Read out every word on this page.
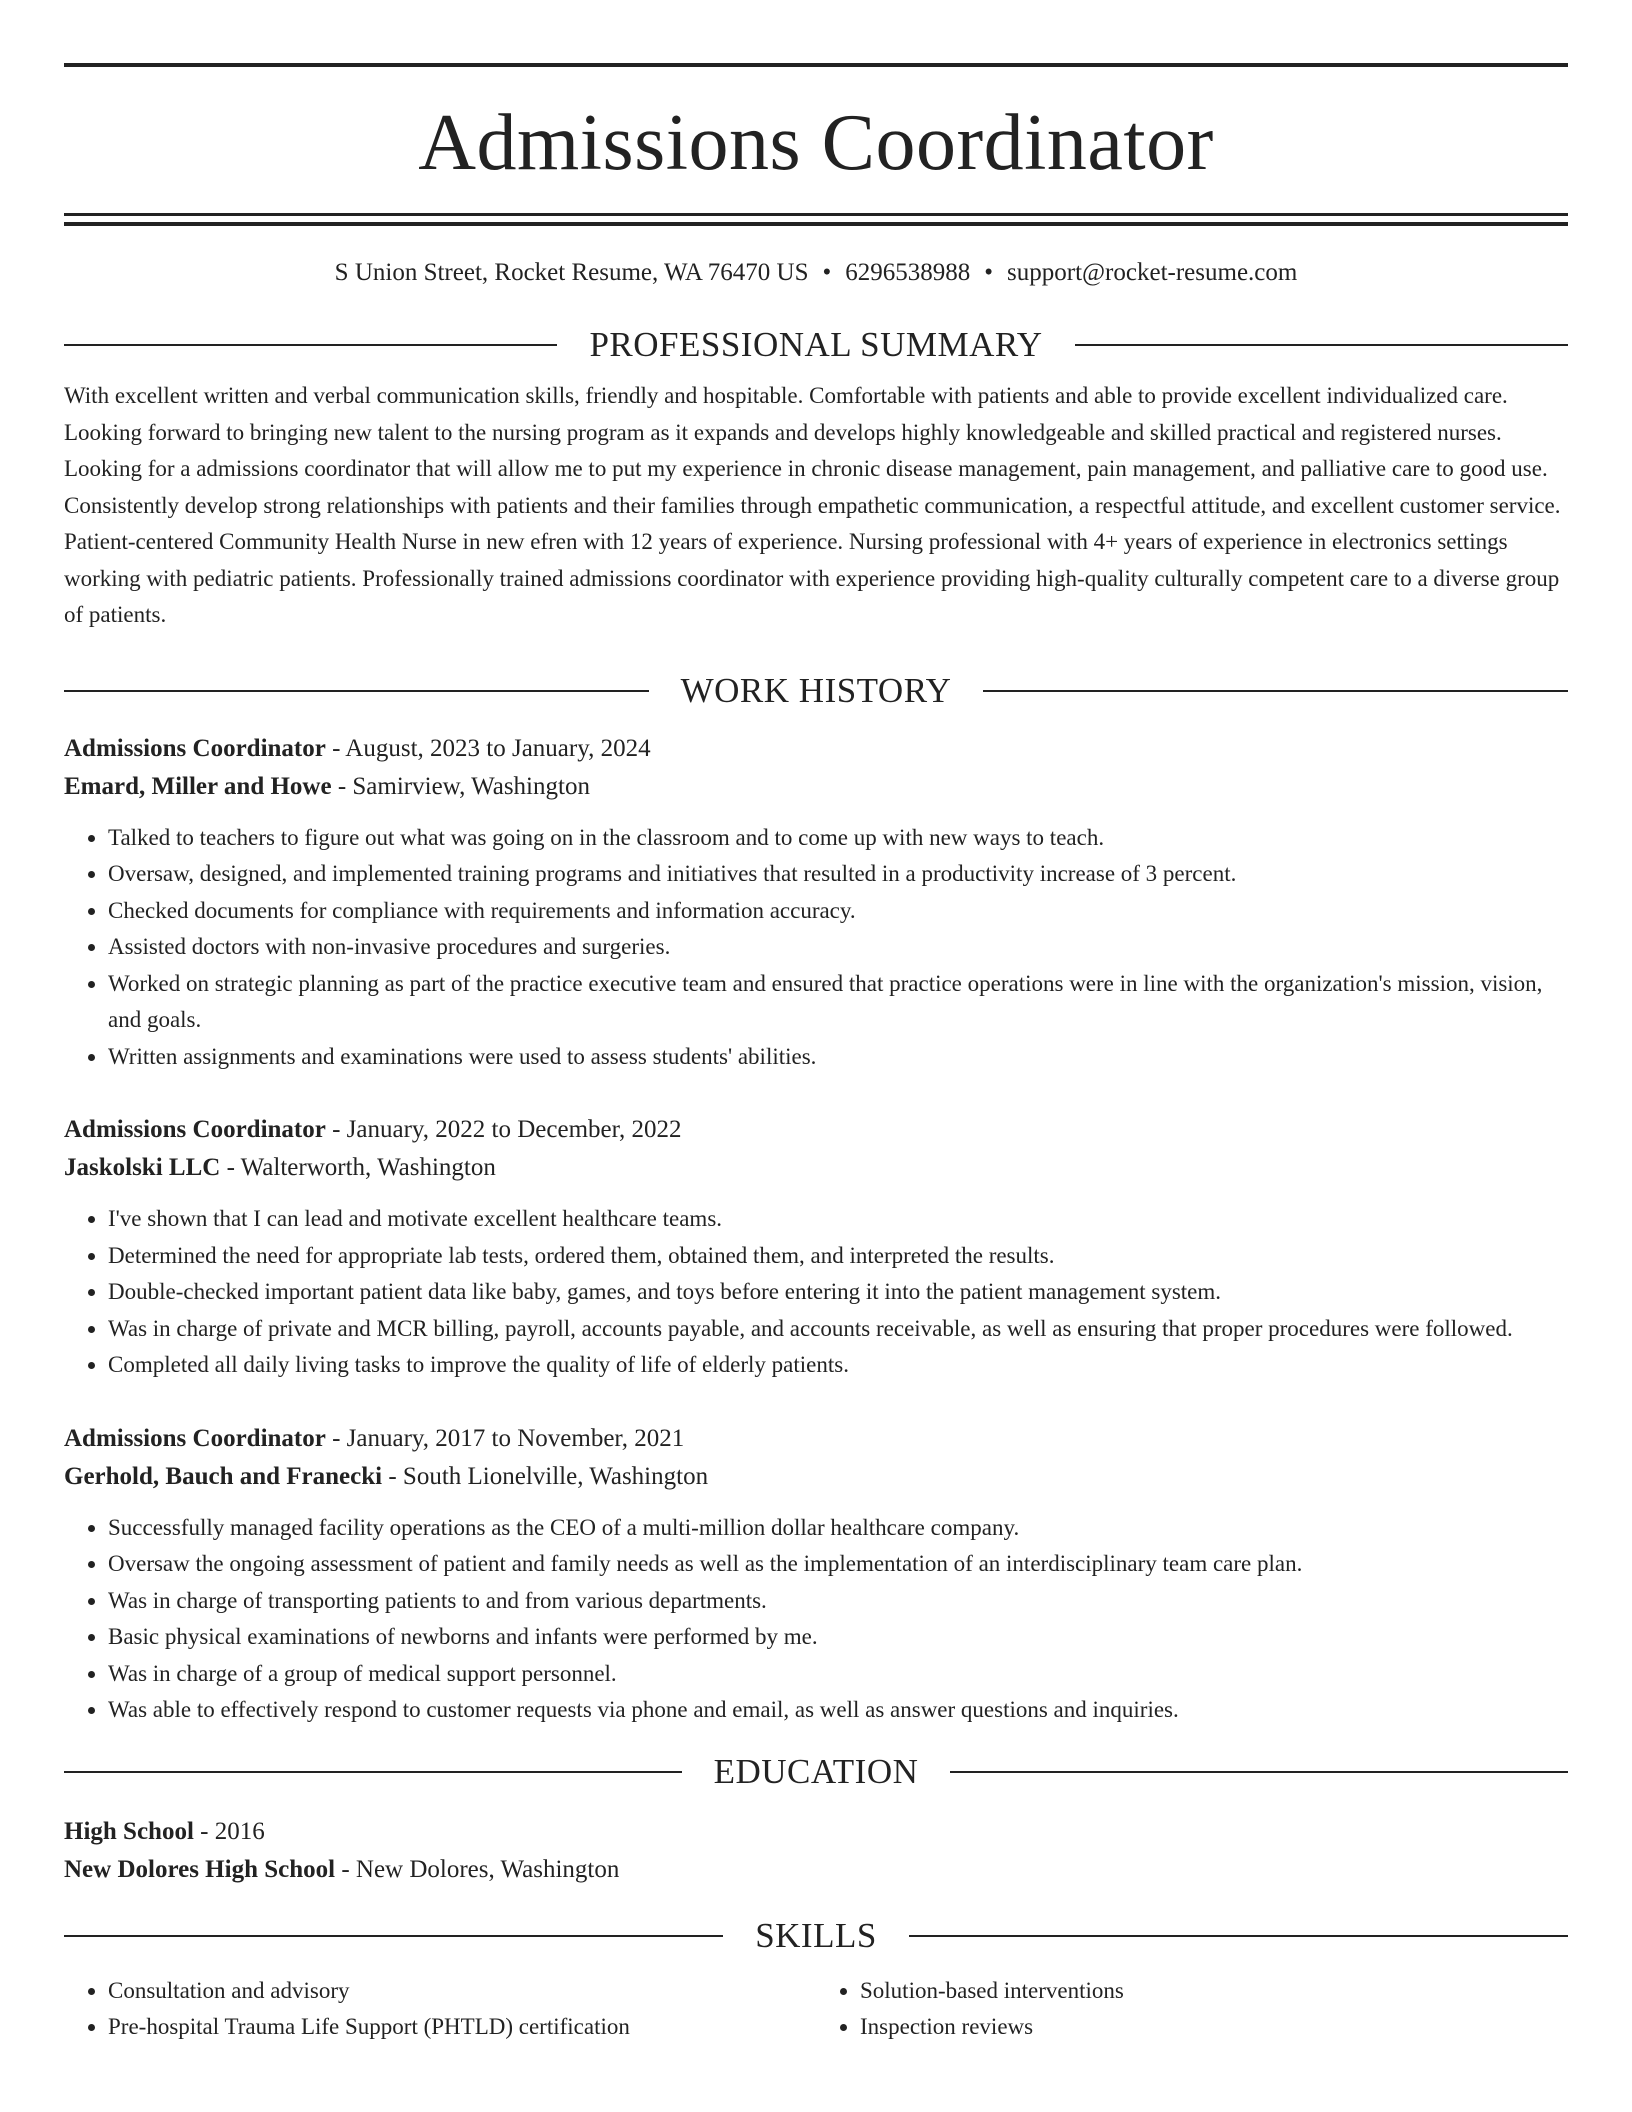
Admissions Coordinator
S Union Street, Rocket Resume, WA 76470 US • 6296538988 • support@rocket-resume.com
PROFESSIONAL SUMMARY

With excellent written and verbal communication skills, friendly and hospitable. Comfortable with patients and able to provide excellent individualized care. Looking forward to bringing new talent to the nursing program as it expands and develops highly knowledgeable and skilled practical and registered nurses. Looking for a admissions coordinator that will allow me to put my experience in chronic disease management, pain management, and palliative care to good use. Consistently develop strong relationships with patients and their families through empathetic communication, a respectful attitude, and excellent customer service. Patient-centered Community Health Nurse in new efren with 12 years of experience. Nursing professional with 4+ years of experience in electronics settings working with pediatric patients. Professionally trained admissions coordinator with experience providing high-quality culturally competent care to a diverse group of patients.

WORK HISTORY
Admissions Coordinator - August, 2023 to January, 2024
Emard, Miller and Howe - Samirview, Washington
• Talked to teachers to figure out what was going on in the classroom and to come up with new ways to teach.
• Oversaw, designed, and implemented training programs and initiatives that resulted in a productivity increase of 3 percent.
• Checked documents for compliance with requirements and information accuracy.
• Assisted doctors with non-invasive procedures and surgeries.
• Worked on strategic planning as part of the practice executive team and ensured that practice operations were in line with the organization's mission, vision, and goals.
• Written assignments and examinations were used to assess students' abilities.
Admissions Coordinator - January, 2022 to December, 2022
Jaskolski LLC - Walterworth, Washington
• I've shown that I can lead and motivate excellent healthcare teams.
• Determined the need for appropriate lab tests, ordered them, obtained them, and interpreted the results.
• Double-checked important patient data like baby, games, and toys before entering it into the patient management system.
• Was in charge of private and MCR billing, payroll, accounts payable, and accounts receivable, as well as ensuring that proper procedures were followed.
• Completed all daily living tasks to improve the quality of life of elderly patients.
Admissions Coordinator - January, 2017 to November, 2021
Gerhold, Bauch and Franecki - South Lionelville, Washington
• Successfully managed facility operations as the CEO of a multi-million dollar healthcare company.
• Oversaw the ongoing assessment of patient and family needs as well as the implementation of an interdisciplinary team care plan.
• Was in charge of transporting patients to and from various departments.
• Basic physical examinations of newborns and infants were performed by me.
• Was in charge of a group of medical support personnel.
• Was able to effectively respond to customer requests via phone and email, as well as answer questions and inquiries.
EDUCATION
High School - 2016
New Dolores High School - New Dolores, Washington
SKILLS
• Consultation and advisory
• Pre-hospital Trauma Life Support (PHTLD) certification
• Solution-based interventions
• Inspection reviews
